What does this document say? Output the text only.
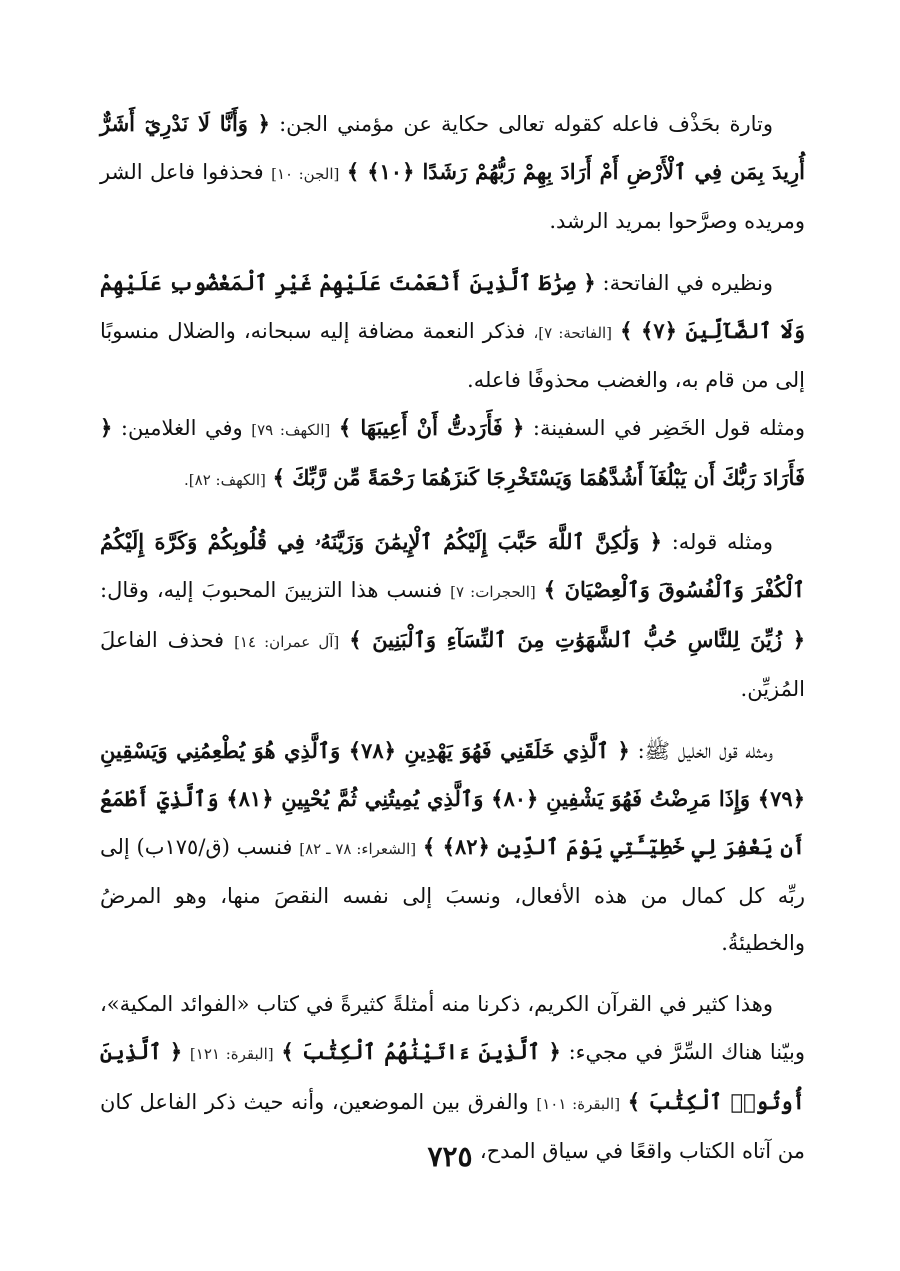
وتارة بحَذْف فاعله كقوله تعالى حكاية عن مؤمني الجن: ﴿ وَأَنَّا لَا نَدْرِيٓ أَشَرٌّ أُرِيدَ بِمَن فِي ٱلْأَرْضِ أَمْ أَرَادَ بِهِمْ رَبُّهُمْ رَشَدًا ﴿١٠﴾ ﴾ [الجن: ١٠] فحذفوا فاعل الشر ومريده وصرَّحوا بمريد الرشد.

ونظيره في الفاتحة: ﴿ صِرَٰطَ ٱلَّذِينَ أَنْعَمْتَ عَلَيْهِمْ غَيْرِ ٱلْمَغْضُوبِ عَلَيْهِمْ وَلَا ٱلضَّآلِّينَ ﴿٧﴾ ﴾ [الفاتحة: ٧]، فذكر النعمة مضافة إليه سبحانه، والضلال منسوبًا إلى من قام به، والغضب محذوفًا فاعله.

ومثله قول الخَضِر في السفينة: ﴿ فَأَرَدتُّ أَنْ أَعِيبَهَا ﴾ [الكهف: ٧٩] وفي الغلامين: ﴿ فَأَرَادَ رَبُّكَ أَن يَبْلُغَآ أَشُدَّهُمَا وَيَسْتَخْرِجَا كَنزَهُمَا رَحْمَةً مِّن رَّبِّكَ ﴾ [الكهف: ٨٢].

ومثله قوله: ﴿ وَلَٰكِنَّ ٱللَّهَ حَبَّبَ إِلَيْكُمُ ٱلْإِيمَٰنَ وَزَيَّنَهُۥ فِي قُلُوبِكُمْ وَكَرَّهَ إِلَيْكُمُ ٱلْكُفْرَ وَٱلْفُسُوقَ وَٱلْعِصْيَانَ ﴾ [الحجرات: ٧] فنسب هذا التزيينَ المحبوبَ إليه، وقال: ﴿ زُيِّنَ لِلنَّاسِ حُبُّ ٱلشَّهَوَٰتِ مِنَ ٱلنِّسَآءِ وَٱلْبَنِينَ ﴾ [آل عمران: ١٤] فحذف الفاعلَ المُزيِّن.

ومثله قول الخليل ﷺ: ﴿ ٱلَّذِي خَلَقَنِي فَهُوَ يَهْدِينِ ﴿٧٨﴾ وَٱلَّذِي هُوَ يُطْعِمُنِي وَيَسْقِينِ ﴿٧٩﴾ وَإِذَا مَرِضْتُ فَهُوَ يَشْفِينِ ﴿٨٠﴾ وَٱلَّذِي يُمِيتُنِي ثُمَّ يُحْيِينِ ﴿٨١﴾ وَٱلَّذِيٓ أَطْمَعُ أَن يَغْفِرَ لِي خَطِيٓـَٔتِي يَوْمَ ٱلدِّينِ ﴿٨٢﴾ ﴾ [الشعراء: ٧٨ ـ ٨٢] فنسب (ق/١٧٥ب) إلى ربِّه كل كمال من هذه الأفعال، ونسبَ إلى نفسه النقصَ منها، وهو المرضُ والخطيئةُ.

وهذا كثير في القرآن الكريم، ذكرنا منه أمثلةً كثيرةً في كتاب «الفوائد المكية»، وبيّنا هناك السِّرَّ في مجيء: ﴿ ٱلَّذِينَ ءَاتَيْنَٰهُمُ ٱلْكِتَٰبَ ﴾ [البقرة: ١٢١] ﴿ ٱلَّذِينَ أُوتُوا۟ ٱلْكِتَٰبَ ﴾ [البقرة: ١٠١] والفرق بين الموضعين، وأنه حيث ذكر الفاعل كان من آتاه الكتاب واقعًا في سياق المدح،

٧٢٥
